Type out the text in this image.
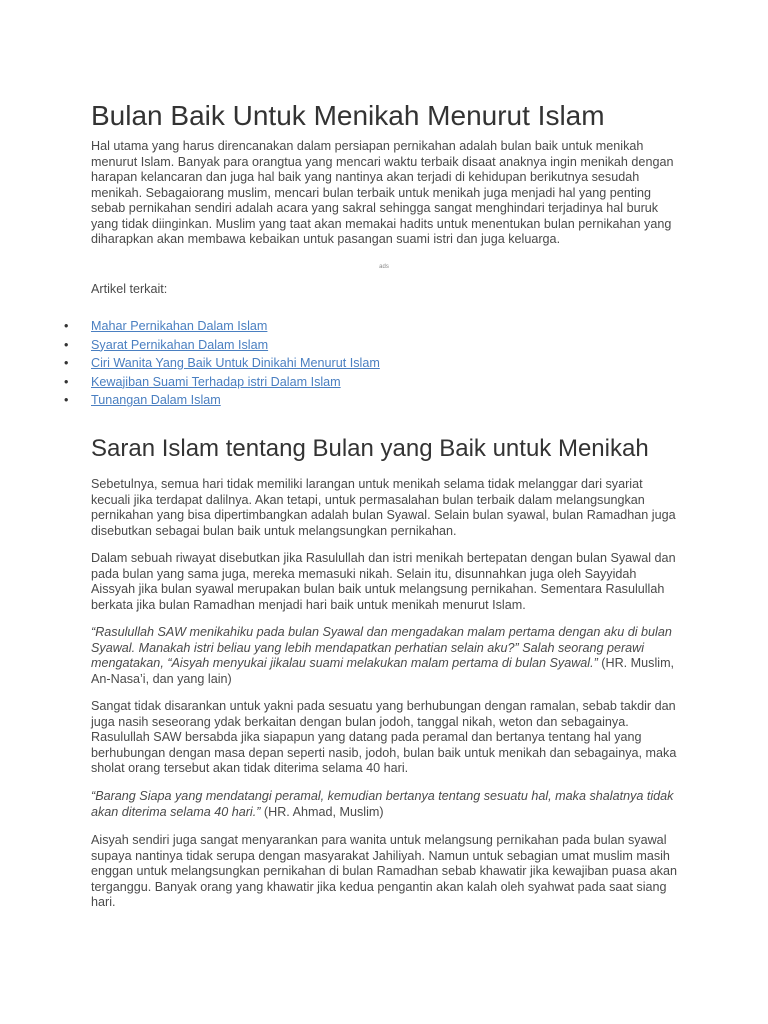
Bulan Baik Untuk Menikah Menurut Islam
Hal utama yang harus direncanakan dalam persiapan pernikahan adalah bulan baik untuk menikah
menurut Islam. Banyak para orangtua yang mencari waktu terbaik disaat anaknya ingin menikah dengan
harapan kelancaran dan juga hal baik yang nantinya akan terjadi di kehidupan berikutnya sesudah
menikah. Sebagaiorang muslim, mencari bulan terbaik untuk menikah juga menjadi hal yang penting
sebab pernikahan sendiri adalah acara yang sakral sehingga sangat menghindari terjadinya hal buruk
yang tidak diinginkan. Muslim yang taat akan memakai hadits untuk menentukan bulan pernikahan yang
diharapkan akan membawa kebaikan untuk pasangan suami istri dan juga keluarga.
ads
Artikel terkait:
• Mahar Pernikahan Dalam Islam
• Syarat Pernikahan Dalam Islam
• Ciri Wanita Yang Baik Untuk Dinikahi Menurut Islam
• Kewajiban Suami Terhadap istri Dalam Islam
• Tunangan Dalam Islam
Saran Islam tentang Bulan yang Baik untuk Menikah
Sebetulnya, semua hari tidak memiliki larangan untuk menikah selama tidak melanggar dari syariat
kecuali jika terdapat dalilnya. Akan tetapi, untuk permasalahan bulan terbaik dalam melangsungkan
pernikahan yang bisa dipertimbangkan adalah bulan Syawal. Selain bulan syawal, bulan Ramadhan juga
disebutkan sebagai bulan baik untuk melangsungkan pernikahan.
Dalam sebuah riwayat disebutkan jika Rasulullah dan istri menikah bertepatan dengan bulan Syawal dan
pada bulan yang sama juga, mereka memasuki nikah. Selain itu, disunnahkan juga oleh Sayyidah
Aissyah jika bulan syawal merupakan bulan baik untuk melangsung pernikahan. Sementara Rasulullah
berkata jika bulan Ramadhan menjadi hari baik untuk menikah menurut Islam.
“Rasulullah SAW menikahiku pada bulan Syawal dan mengadakan malam pertama dengan aku di bulan
Syawal. Manakah istri beliau yang lebih mendapatkan perhatian selain aku?” Salah seorang perawi
mengatakan, “Aisyah menyukai jikalau suami melakukan malam pertama di bulan Syawal.” (HR. Muslim,
An-Nasa’i, dan yang lain)
Sangat tidak disarankan untuk yakni pada sesuatu yang berhubungan dengan ramalan, sebab takdir dan
juga nasih seseorang ydak berkaitan dengan bulan jodoh, tanggal nikah, weton dan sebagainya.
Rasulullah SAW bersabda jika siapapun yang datang pada peramal dan bertanya tentang hal yang
berhubungan dengan masa depan seperti nasib, jodoh, bulan baik untuk menikah dan sebagainya, maka
sholat orang tersebut akan tidak diterima selama 40 hari.
“Barang Siapa yang mendatangi peramal, kemudian bertanya tentang sesuatu hal, maka shalatnya tidak
akan diterima selama 40 hari.” (HR. Ahmad, Muslim)
Aisyah sendiri juga sangat menyarankan para wanita untuk melangsung pernikahan pada bulan syawal
supaya nantinya tidak serupa dengan masyarakat Jahiliyah. Namun untuk sebagian umat muslim masih
enggan untuk melangsungkan pernikahan di bulan Ramadhan sebab khawatir jika kewajiban puasa akan
terganggu. Banyak orang yang khawatir jika kedua pengantin akan kalah oleh syahwat pada saat siang
hari.
